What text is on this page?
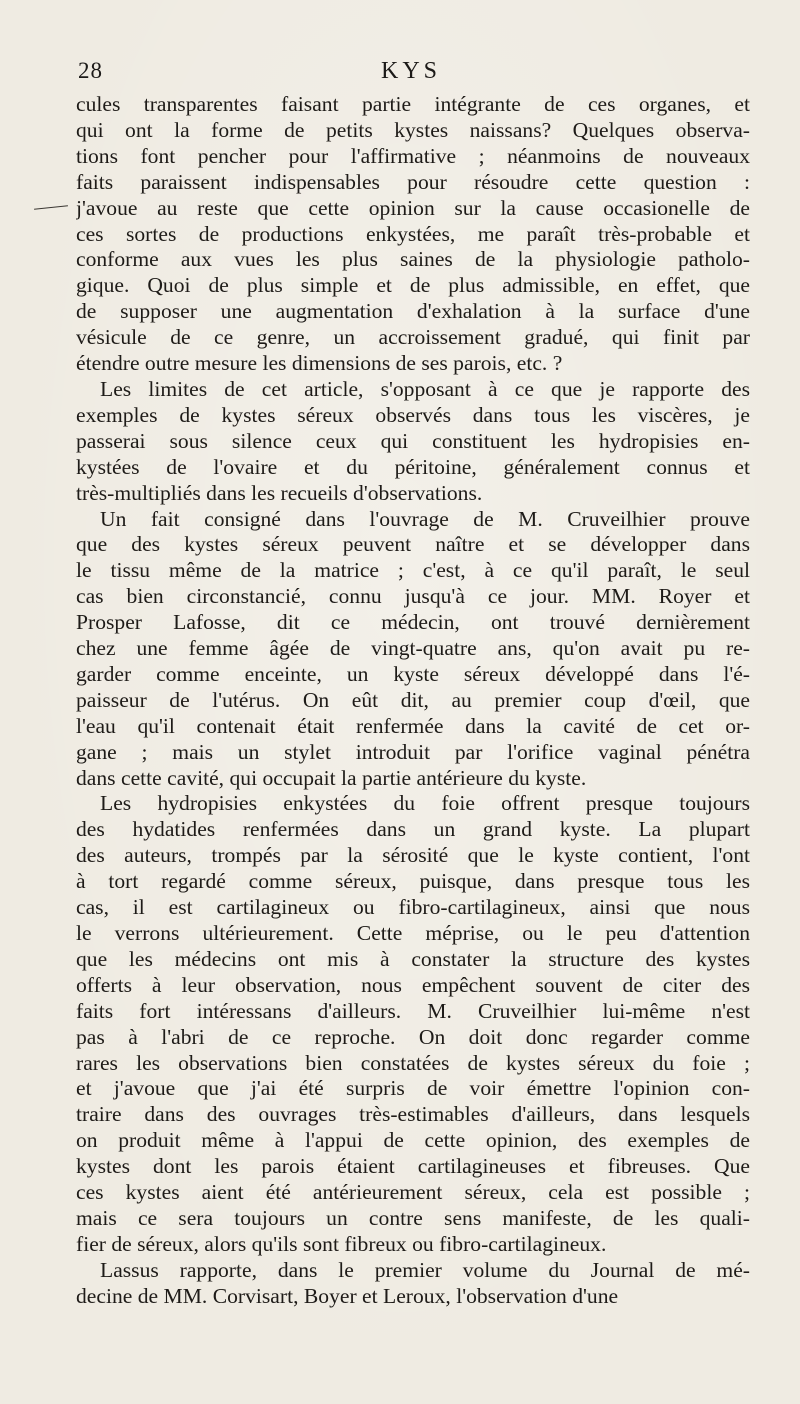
28	KYS

cules transparentes faisant partie intégrante de ces organes, et
qui ont la forme de petits kystes naissans? Quelques observa-
tions font pencher pour l'affirmative ; néanmoins de nouveaux
faits paraissent indispensables pour résoudre cette question :
j'avoue au reste que cette opinion sur la cause occasionelle de
ces sortes de productions enkystées, me paraît très-probable et
conforme aux vues les plus saines de la physiologie patholo-
gique. Quoi de plus simple et de plus admissible, en effet, que
de supposer une augmentation d'exhalation à la surface d'une
vésicule de ce genre, un accroissement gradué, qui finit par
étendre outre mesure les dimensions de ses parois, etc. ?

Les limites de cet article, s'opposant à ce que je rapporte des
exemples de kystes séreux observés dans tous les viscères, je
passerai sous silence ceux qui constituent les hydropisies en-
kystées de l'ovaire et du péritoine, généralement connus et
très-multipliés dans les recueils d'observations.

Un fait consigné dans l'ouvrage de M. Cruveilhier prouve
que des kystes séreux peuvent naître et se développer dans
le tissu même de la matrice ; c'est, à ce qu'il paraît, le seul
cas bien circonstancié, connu jusqu'à ce jour. MM. Royer et
Prosper Lafosse, dit ce médecin, ont trouvé dernièrement
chez une femme âgée de vingt-quatre ans, qu'on avait pu re-
garder comme enceinte, un kyste séreux développé dans l'é-
paisseur de l'utérus. On eût dit, au premier coup d'œil, que
l'eau qu'il contenait était renfermée dans la cavité de cet or-
gane ; mais un stylet introduit par l'orifice vaginal pénétra
dans cette cavité, qui occupait la partie antérieure du kyste.

Les hydropisies enkystées du foie offrent presque toujours
des hydatides renfermées dans un grand kyste. La plupart
des auteurs, trompés par la sérosité que le kyste contient, l'ont
à tort regardé comme séreux, puisque, dans presque tous les
cas, il est cartilagineux ou fibro-cartilagineux, ainsi que nous
le verrons ultérieurement. Cette méprise, ou le peu d'attention
que les médecins ont mis à constater la structure des kystes
offerts à leur observation, nous empêchent souvent de citer des
faits fort intéressans d'ailleurs. M. Cruveilhier lui-même n'est
pas à l'abri de ce reproche. On doit donc regarder comme
rares les observations bien constatées de kystes séreux du foie ;
et j'avoue que j'ai été surpris de voir émettre l'opinion con-
traire dans des ouvrages très-estimables d'ailleurs, dans lesquels
on produit même à l'appui de cette opinion, des exemples de
kystes dont les parois étaient cartilagineuses et fibreuses. Que
ces kystes aient été antérieurement séreux, cela est possible ;
mais ce sera toujours un contre sens manifeste, de les quali-
fier de séreux, alors qu'ils sont fibreux ou fibro-cartilagineux.

Lassus rapporte, dans le premier volume du Journal de mé-
decine de MM. Corvisart, Boyer et Leroux, l'observation d'une
